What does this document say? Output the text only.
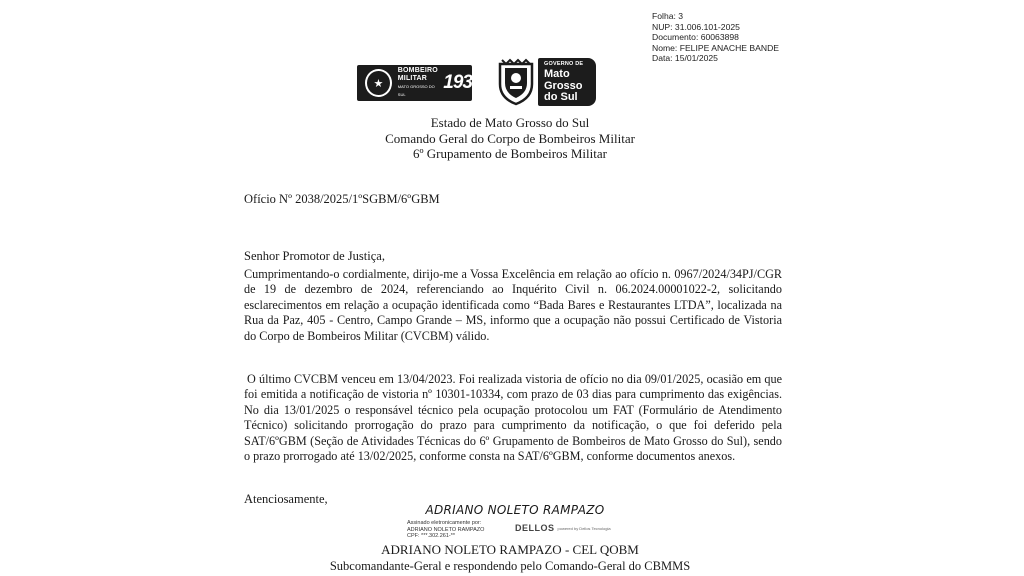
Folha: 3
NUP: 31.006.101-2025
Documento: 60063898
Nome: FELIPE ANACHE BANDE
Data: 15/01/2025
★
BOMBEIRO
MILITAR
MATO GROSSO DO SUL
193
GOVERNO DE
Mato
Grosso
do Sul
Estado de Mato Grosso do Sul
Comando Geral do Corpo de Bombeiros Militar
6º Grupamento de Bombeiros Militar
Ofício Nº 2038/2025/1ºSGBM/6ºGBM
Senhor Promotor de Justiça,
Cumprimentando-o cordialmente, dirijo-me a Vossa Excelência em relação ao ofício n. 0967/2024/34PJ/CGR de 19 de dezembro de 2024, referenciando ao Inquérito Civil n. 06.2024.00001022-2, solicitando esclarecimentos em relação a ocupação identificada como “Bada Bares e Restaurantes LTDA”, localizada na Rua da Paz, 405 - Centro, Campo Grande – MS, informo que a ocupação não possui Certificado de Vistoria do Corpo de Bombeiros Militar (CVCBM) válido.
O último CVCBM venceu em 13/04/2023. Foi realizada vistoria de ofício no dia 09/01/2025, ocasião em que foi emitida a notificação de vistoria nº 10301-10334, com prazo de 03 dias para cumprimento das exigências. No dia 13/01/2025 o responsável técnico pela ocupação protocolou um FAT (Formulário de Atendimento Técnico) solicitando prorrogação do prazo para cumprimento da notificação, o que foi deferido pela SAT/6ºGBM (Seção de Atividades Técnicas do 6º Grupamento de Bombeiros de Mato Grosso do Sul), sendo o prazo prorrogado até 13/02/2025, conforme consta na SAT/6ºGBM, conforme documentos anexos.
Atenciosamente,
ADRIANO NOLETO RAMPAZO
Assinado eletronicamente por:
ADRIANO NOLETO RAMPAZO
CPF: ***.302.261-**
DELLOS powered by Dellos Tecnologia
ADRIANO NOLETO RAMPAZO - CEL QOBM
Subcomandante-Geral e respondendo pelo Comando-Geral do CBMMS
